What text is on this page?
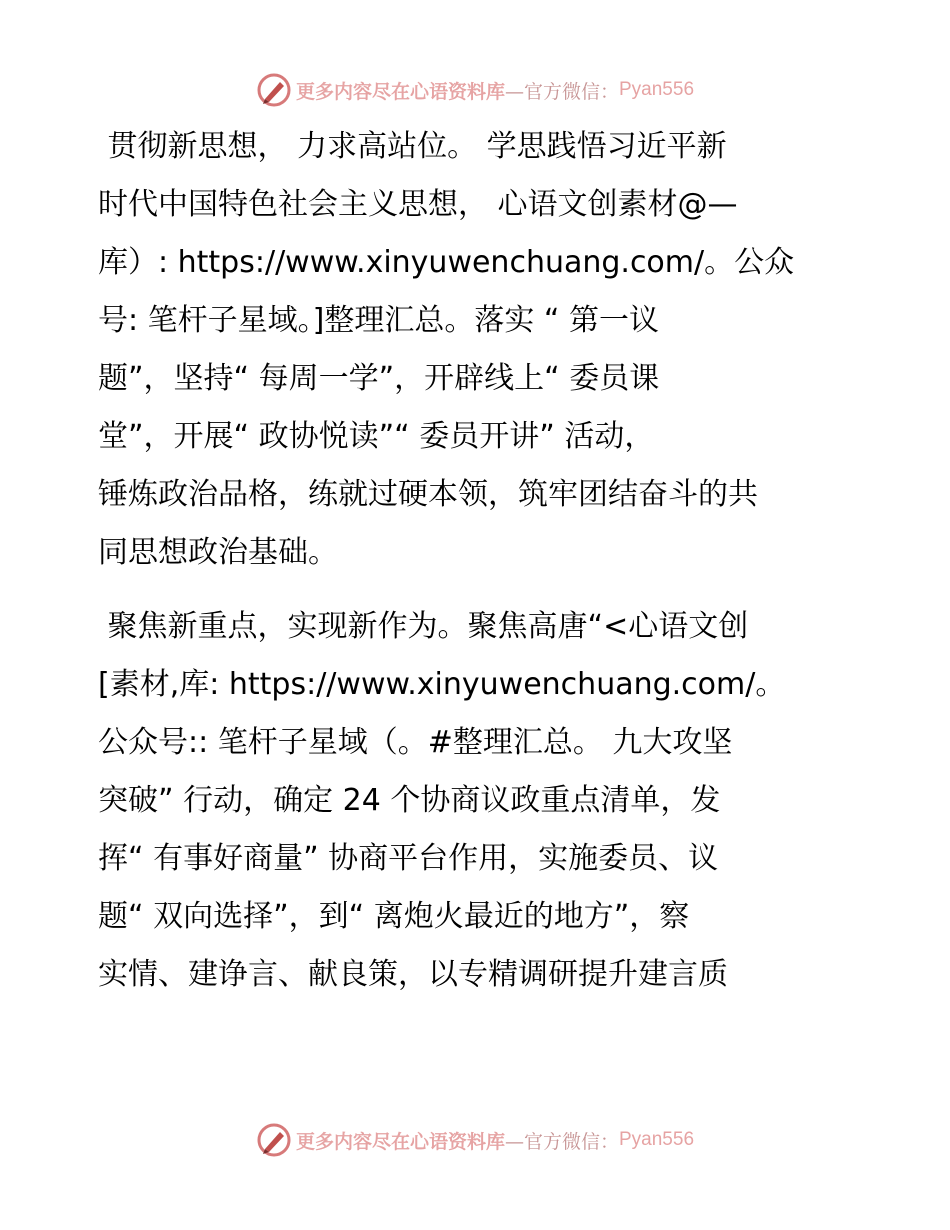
更多内容尽在心语资料库 —官方微信： Pyan556
贯彻新思想， 力求高站位。 学思践悟习近平新
时代中国特色社会主义思想， 心语文创素材@—
库）: https://www.xinyuwenchuang.com/。公众
号: 笔杆子星域。]整理汇总。落实 “ 第一议
题”，坚持“ 每周一学”，开辟线上“ 委员课
堂”，开展“ 政协悦读”“ 委员开讲” 活动，
锤炼政治品格，练就过硬本领，筑牢团结奋斗的共
同思想政治基础。
聚焦新重点，实现新作为。聚焦高唐“<心语文创
[素材,库: https://www.xinyuwenchuang.com/。
公众号:: 笔杆子星域（。#整理汇总。 九大攻坚
突破” 行动，确定 24 个协商议政重点清单，发
挥“ 有事好商量” 协商平台作用，实施委员、议
题“ 双向选择”，到“ 离炮火最近的地方”，察
实情、建诤言、献良策，以专精调研提升建言质
更多内容尽在心语资料库 —官方微信： Pyan556
